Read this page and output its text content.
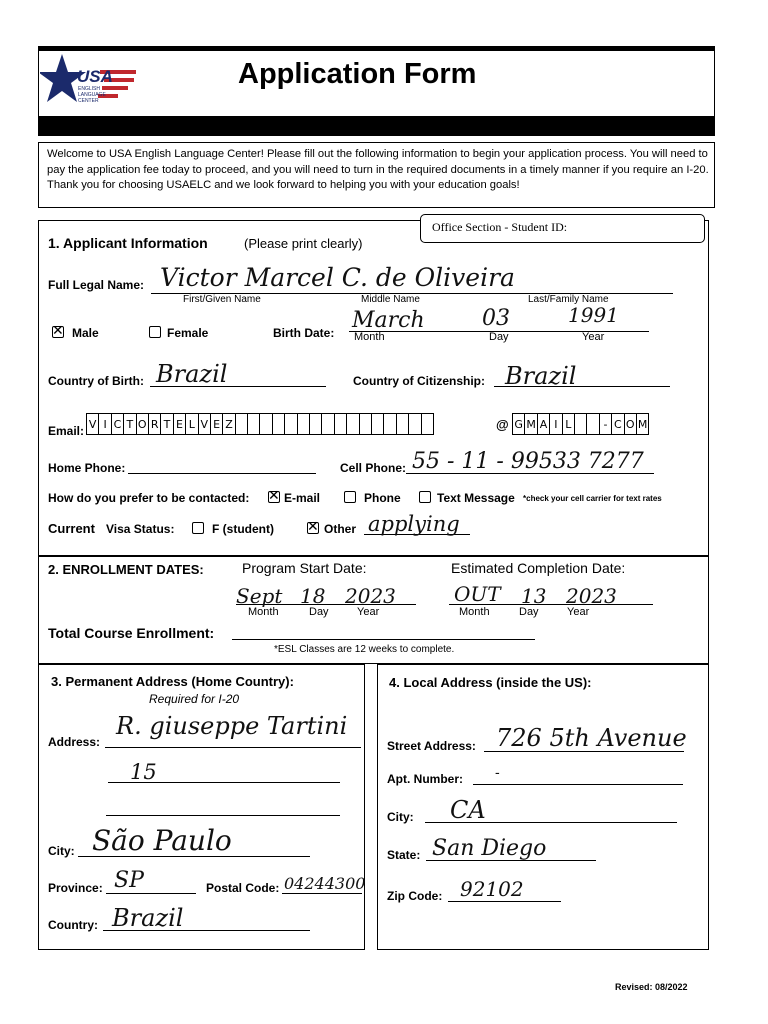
USA
ENGLISH LANGUAGE CENTER
Application Form
Welcome to USA English Language Center! Please fill out the following information to begin your application process. You will need to pay the application fee today to proceed, and you will need to turn in the required documents in a timely manner if you require an I-20. Thank you for choosing USAELC and we look forward to helping you with your education goals!
Office Section - Student ID:
1. Applicant Information	(Please print clearly)
Full Legal Name: Victor Marcel C. de Oliveira
First/Given Name	Middle Name	Last/Family Name
✕
Male	Female	Birth Date: March	03	1991
Month	Day	Year
Country of Birth: Brazil	Country of Citizenship: Brazil
Email: V I C T O R T E L V E Z	@ G M A I L	- C O M
Home Phone:	Cell Phone: 55 - 11 - 99533 7277
How do you prefer to be contacted: ✕	E-mail	Phone	Text Message *check your cell carrier for text rates
Current Visa Status:	F (student) ✕	Other applying
2. ENROLLMENT DATES:	Program Start Date:	Estimated Completion Date:
Sept 18 2023
Month	Day	Year
OUT 13 2023
Month	Day	Year
Total Course Enrollment:
*ESL Classes are 12 weeks to complete.
3. Permanent Address (Home Country):
Required for I-20
Address:
R. giuseppe Tartini
15
City: São Paulo
Province: SP	Postal Code: 04244300
Country: Brazil
4. Local Address (inside the US):
Street Address: 726 5th Avenue
Apt. Number: -
City: CA
State: San Diego
Zip Code: 92102
Revised: 08/2022
